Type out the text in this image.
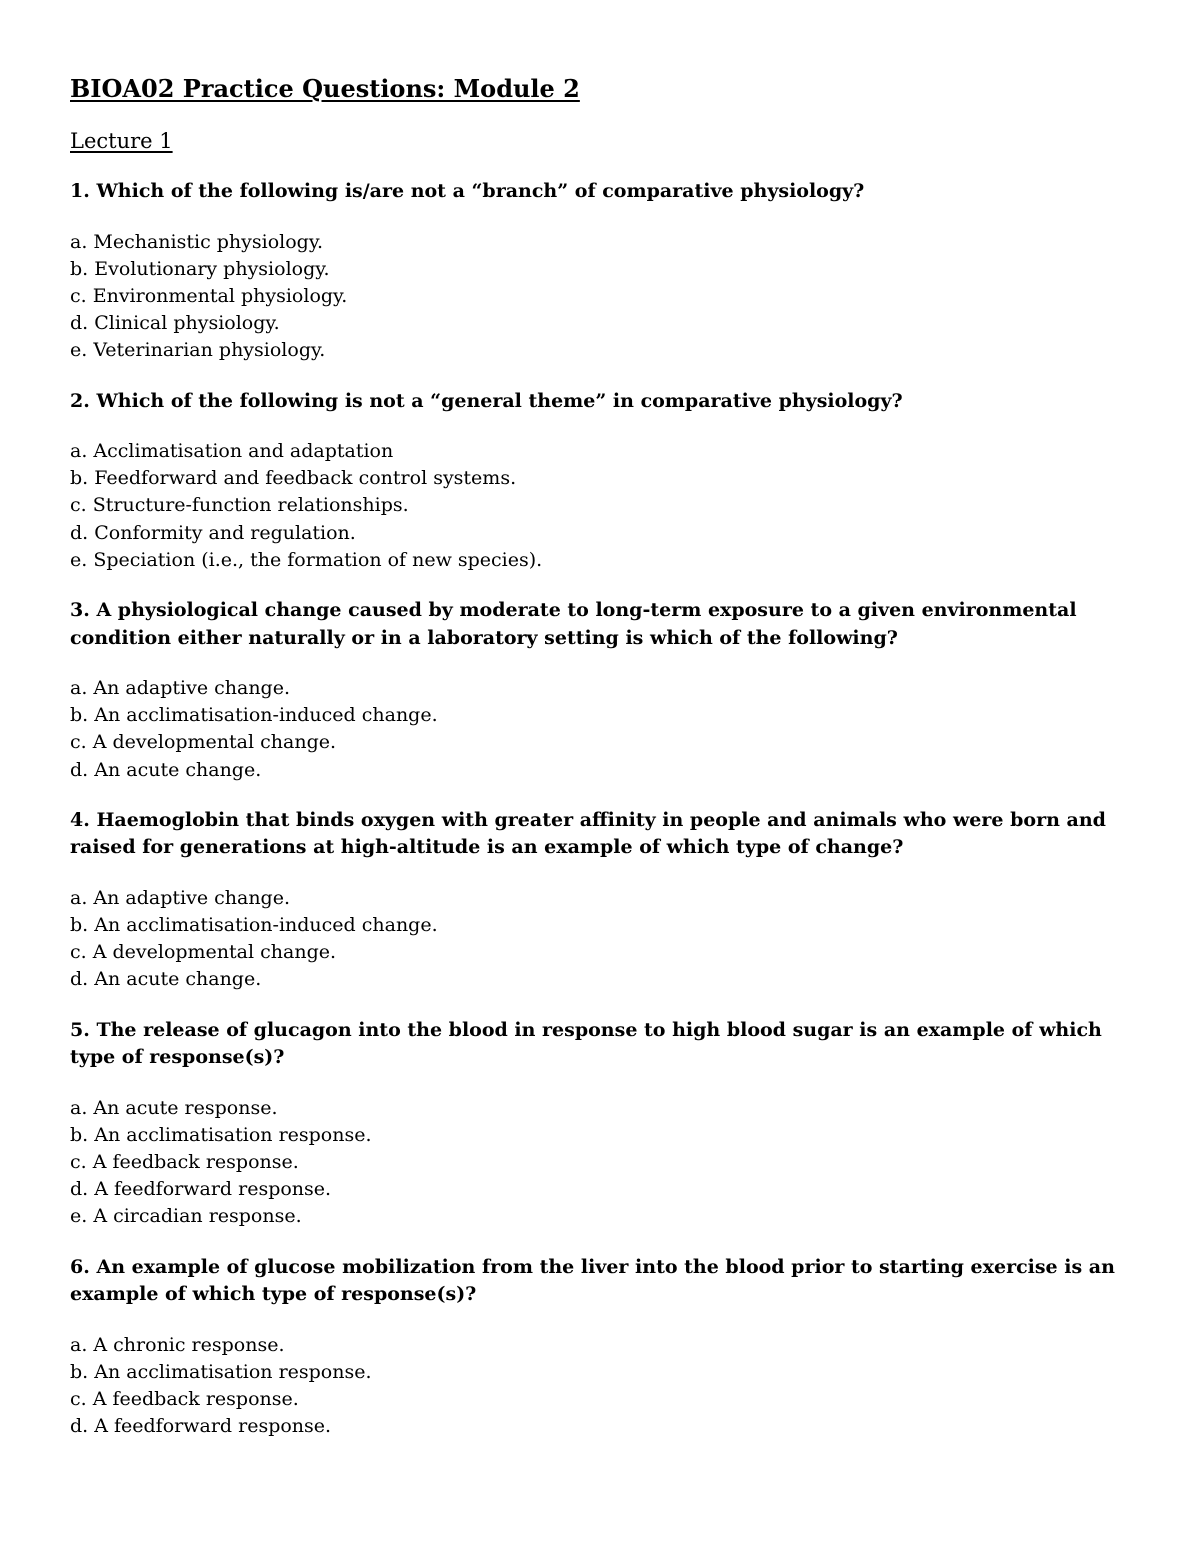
BIOA02 Practice Questions: Module 2
Lecture 1
1. Which of the following is/are not a “branch” of comparative physiology?
a. Mechanistic physiology.
b. Evolutionary physiology.
c. Environmental physiology.
d. Clinical physiology.
e. Veterinarian physiology.
2. Which of the following is not a “general theme” in comparative physiology?
a. Acclimatisation and adaptation
b. Feedforward and feedback control systems.
c. Structure-function relationships.
d. Conformity and regulation.
e. Speciation (i.e., the formation of new species).
3. A physiological change caused by moderate to long-term exposure to a given environmental condition either naturally or in a laboratory setting is which of the following?
a. An adaptive change.
b. An acclimatisation-induced change.
c. A developmental change.
d. An acute change.
4. Haemoglobin that binds oxygen with greater affinity in people and animals who were born and raised for generations at high-altitude is an example of which type of change?
a. An adaptive change.
b. An acclimatisation-induced change.
c. A developmental change.
d. An acute change.
5. The release of glucagon into the blood in response to high blood sugar is an example of which type of response(s)?
a. An acute response.
b. An acclimatisation response.
c. A feedback response.
d. A feedforward response.
e. A circadian response.
6. An example of glucose mobilization from the liver into the blood prior to starting exercise is an example of which type of response(s)?
a. A chronic response.
b. An acclimatisation response.
c. A feedback response.
d. A feedforward response.
